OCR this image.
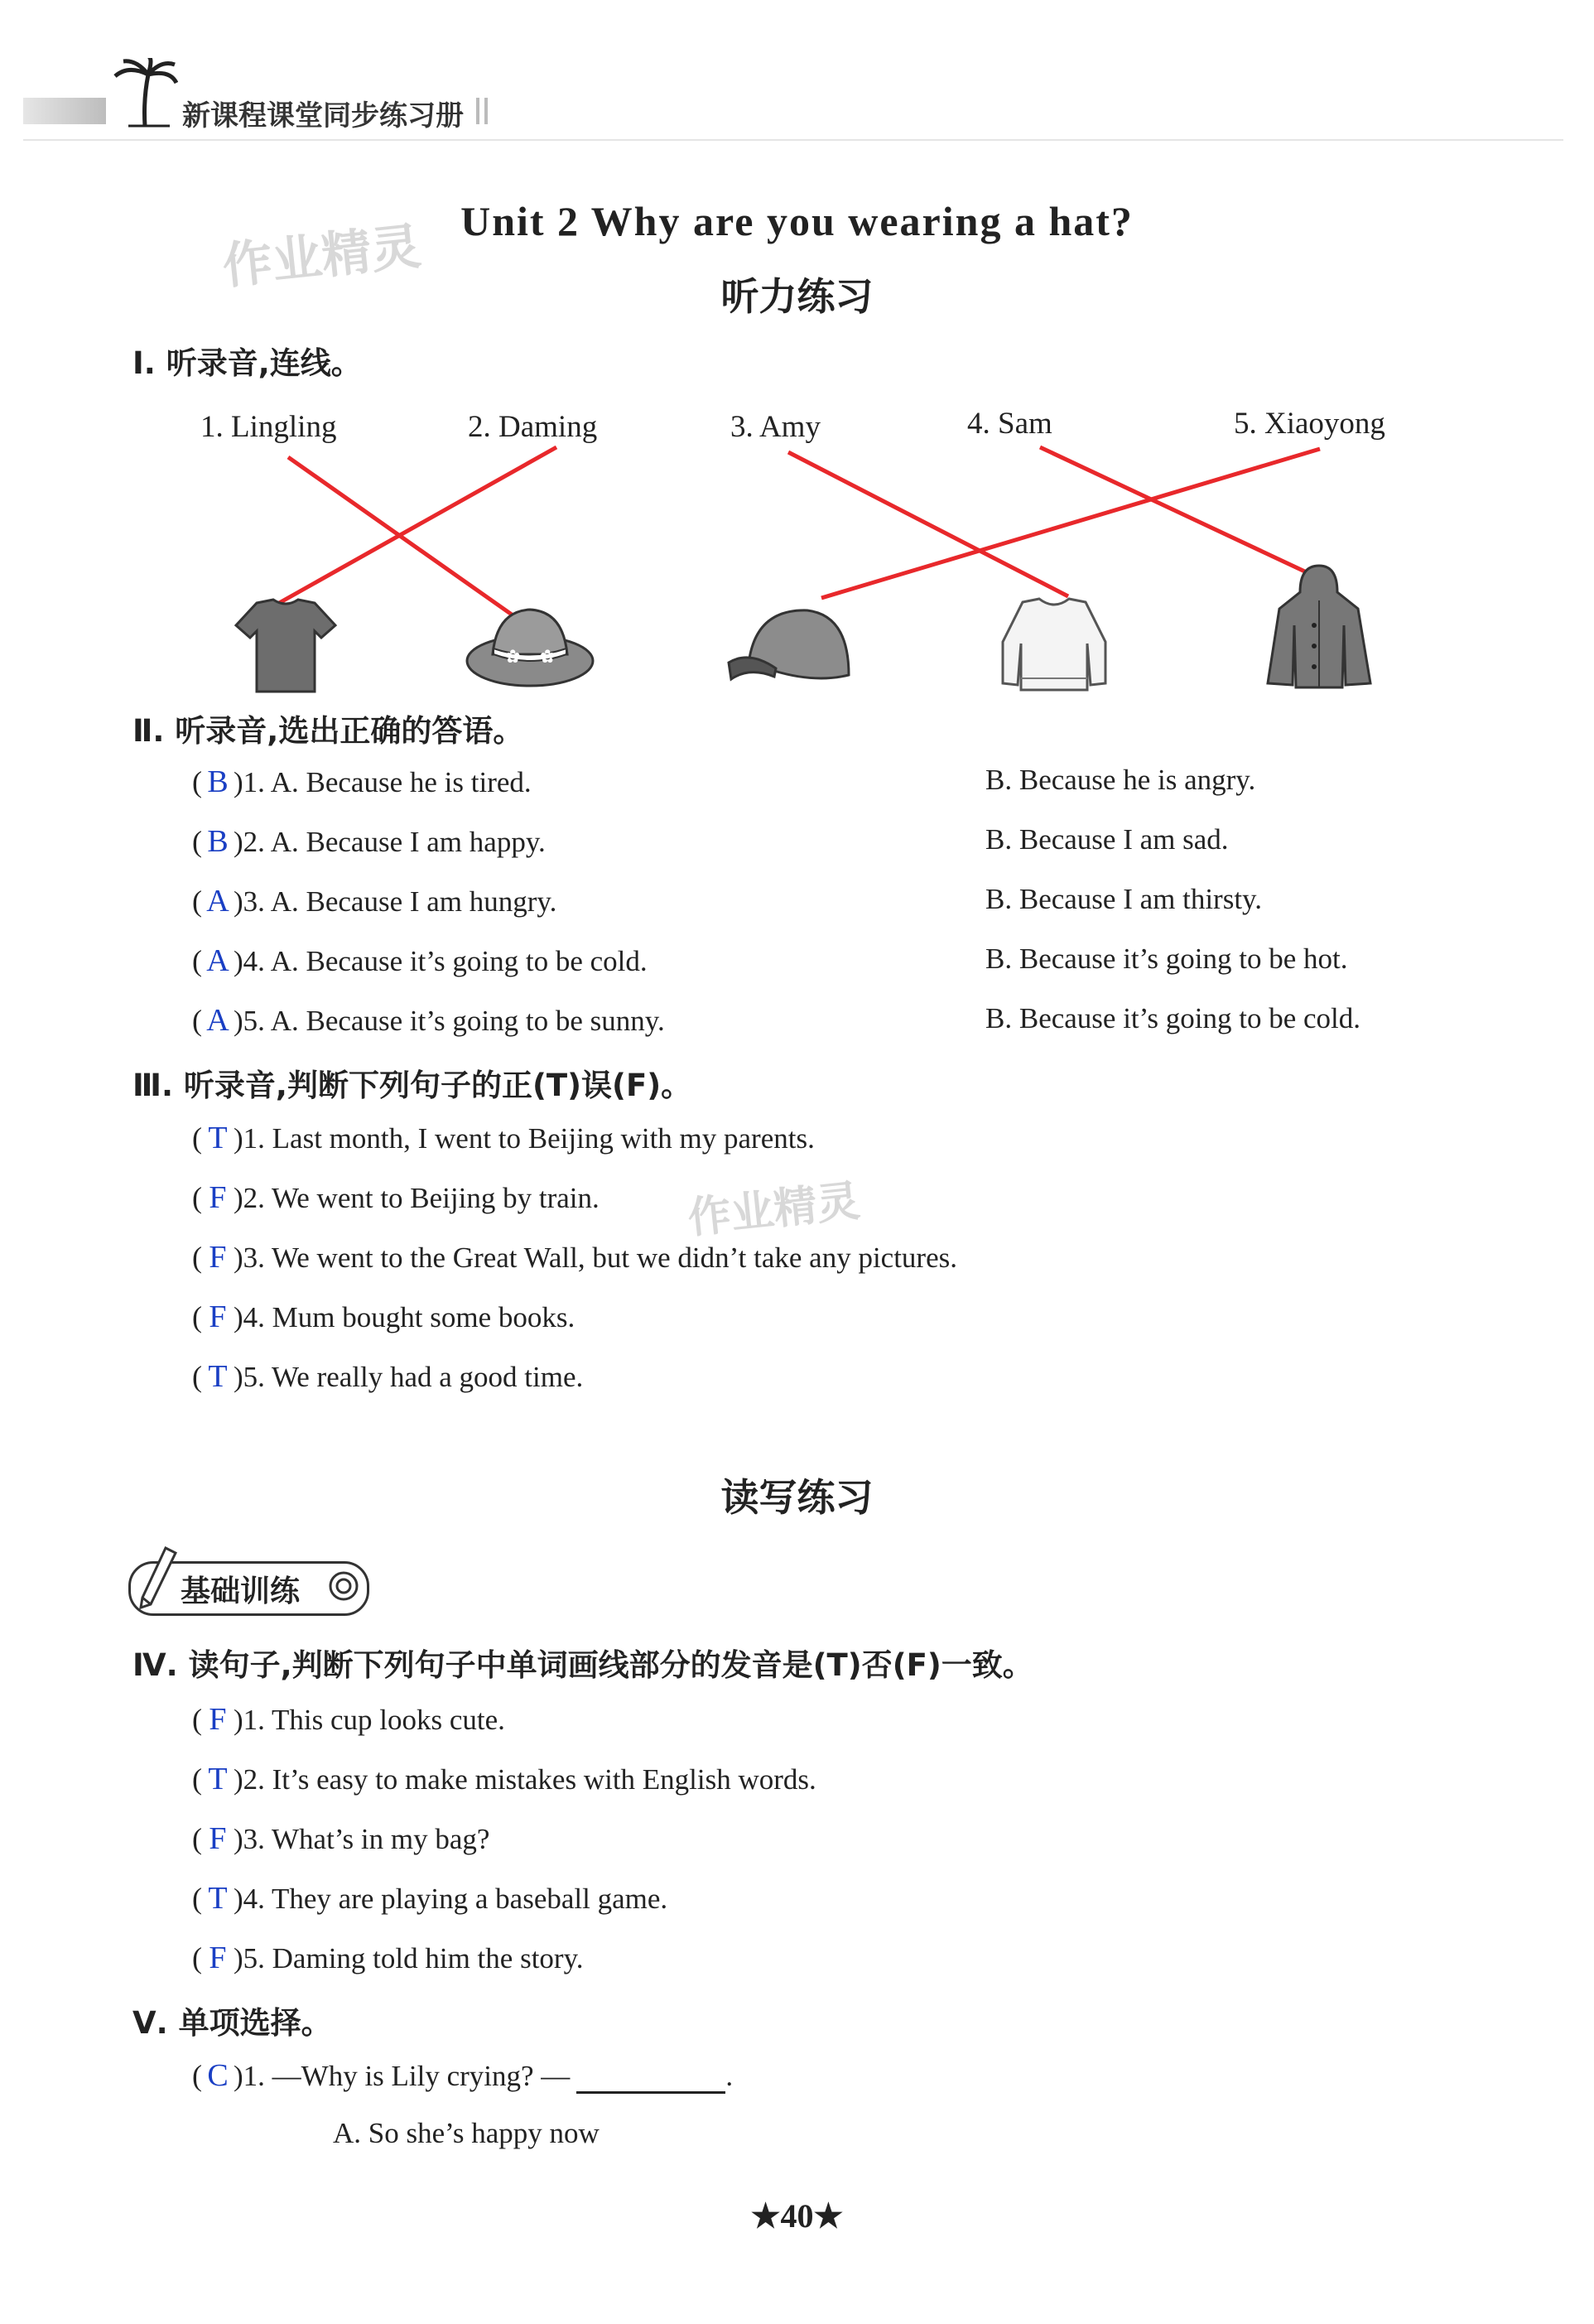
新课程课堂同步练习册
作业精灵
作业精灵
Unit 2 Why are you wearing a hat?
听力练习
Ⅰ. 听录音,连线。
1. Lingling	2. Daming	3. Amy	4. Sam	5. Xiaoyong
✿ ✿
Ⅱ. 听录音,选出正确的答语。
( B )1. A. Because he is tired.	B. Because he is angry.
( B )2. A. Because I am happy.	B. Because I am sad.
( A )3. A. Because I am hungry.	B. Because I am thirsty.
( A )4. A. Because it’s going to be cold.	B. Because it’s going to be hot.
( A )5. A. Because it’s going to be sunny.	B. Because it’s going to be cold.
Ⅲ. 听录音,判断下列句子的正(T)误(F)。
( T )1. Last month, I went to Beijing with my parents.
( F )2. We went to Beijing by train.
( F )3. We went to the Great Wall, but we didn’t take any pictures.
( F )4. Mum bought some books.
( T )5. We really had a good time.
读写练习
基础训练
Ⅳ. 读句子,判断下列句子中单词画线部分的发音是(T)否(F)一致。
( F )1. This cup looks cute.
( T )2. It’s easy to make mistakes with English words.
( F )3. What’s in my bag?
( T )4. They are playing a baseball game.
( F )5. Daming told him the story.
Ⅴ. 单项选择。
( C )1. —Why is Lily crying? —	.
A. So she’s happy now
★40★
